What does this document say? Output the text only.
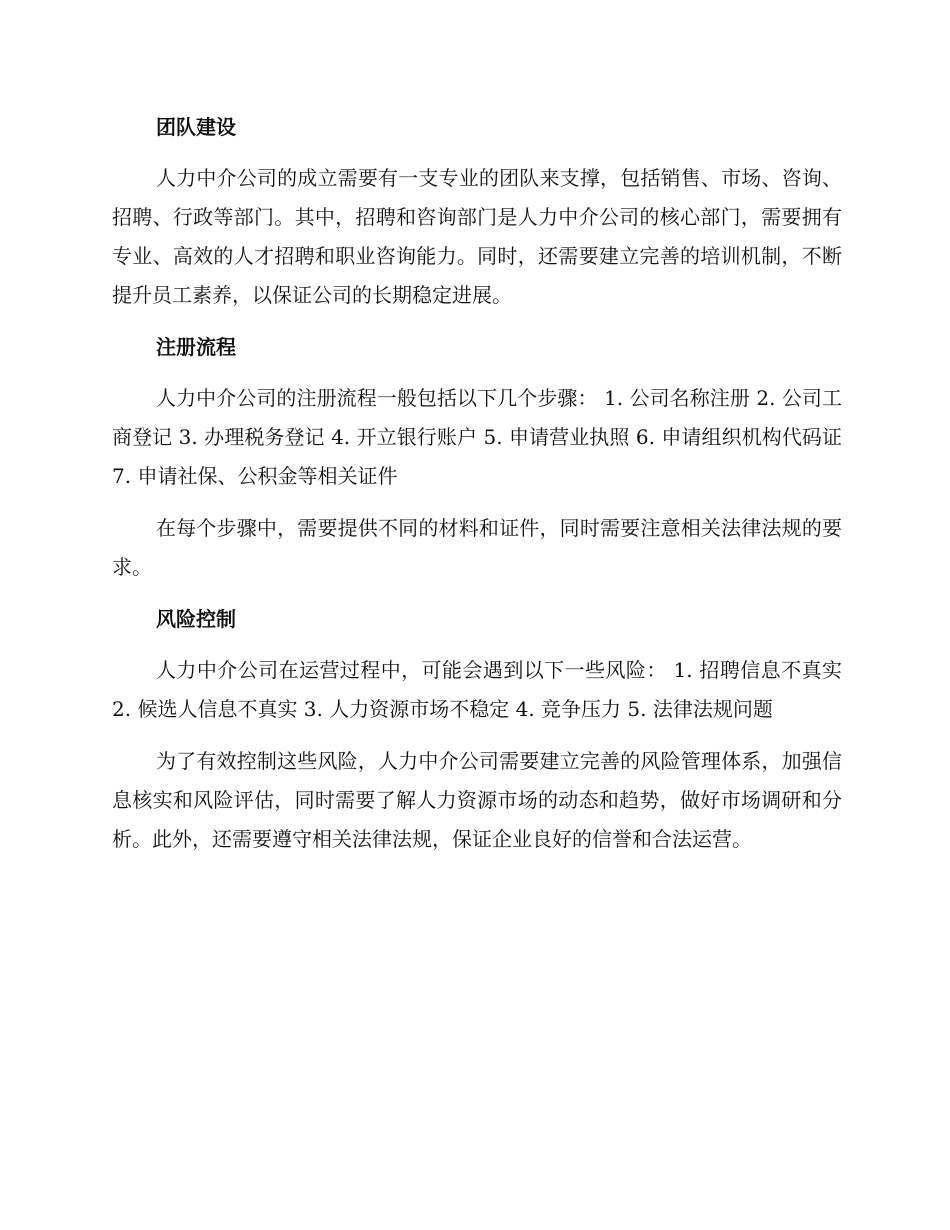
团队建设

人力中介公司的成立需要有一支专业的团队来支撑，包括销售、市场、咨询、招聘、行政等部门。其中，招聘和咨询部门是人力中介公司的核心部门，需要拥有专业、高效的人才招聘和职业咨询能力。同时，还需要建立完善的培训机制，不断提升员工素养，以保证公司的长期稳定进展。

注册流程

人力中介公司的注册流程一般包括以下几个步骤： 1. 公司名称注册 2. 公司工商登记 3. 办理税务登记 4. 开立银行账户 5. 申请营业执照 6. 申请组织机构代码证 7. 申请社保、公积金等相关证件

在每个步骤中，需要提供不同的材料和证件，同时需要注意相关法律法规的要求。

风险控制

人力中介公司在运营过程中，可能会遇到以下一些风险： 1. 招聘信息不真实 2. 候选人信息不真实 3. 人力资源市场不稳定 4. 竞争压力 5. 法律法规问题

为了有效控制这些风险，人力中介公司需要建立完善的风险管理体系，加强信息核实和风险评估，同时需要了解人力资源市场的动态和趋势，做好市场调研和分析。此外，还需要遵守相关法律法规，保证企业良好的信誉和合法运营。
